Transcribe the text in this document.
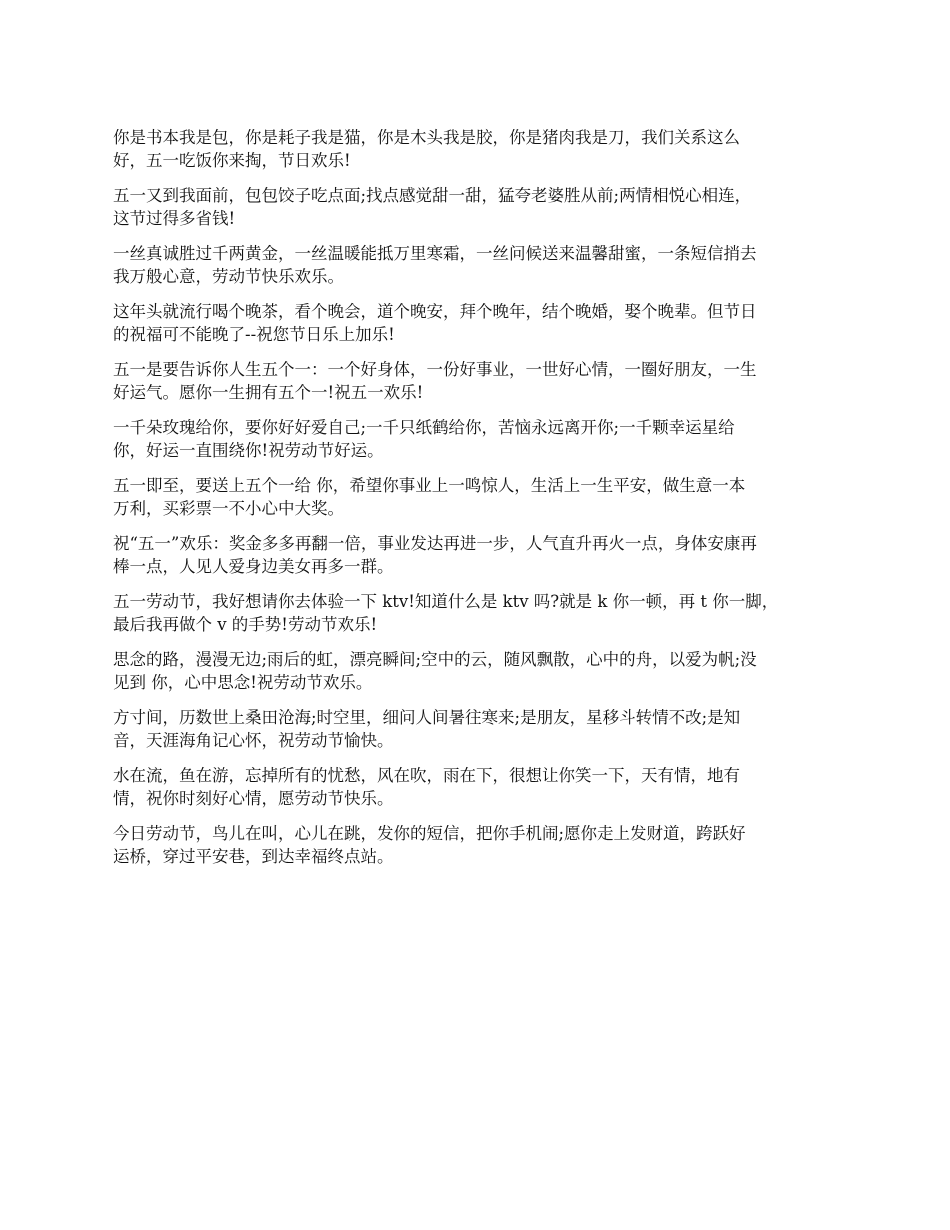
你是书本我是包，你是耗子我是猫，你是木头我是胶，你是猪肉我是刀，我们关系这么
好，五一吃饭你来掏，节日欢乐!

五一又到我面前，包包饺子吃点面;找点感觉甜一甜，猛夸老婆胜从前;两情相悦心相连，
这节过得多省钱!

一丝真诚胜过千两黄金，一丝温暖能抵万里寒霜，一丝问候送来温馨甜蜜，一条短信捎去
我万般心意，劳动节快乐欢乐。

这年头就流行喝个晚茶，看个晚会，道个晚安，拜个晚年，结个晚婚，娶个晚辈。但节日
的祝福可不能晚了--祝您节日乐上加乐!

五一是要告诉你人生五个一：一个好身体，一份好事业，一世好心情，一圈好朋友，一生
好运气。愿你一生拥有五个一!祝五一欢乐!

一千朵玫瑰给你，要你好好爱自己;一千只纸鹤给你，苦恼永远离开你;一千颗幸运星给
你，好运一直围绕你!祝劳动节好运。

五一即至，要送上五个一给 你，希望你事业上一鸣惊人，生活上一生平安，做生意一本
万利，买彩票一不小心中大奖。

祝“五一”欢乐：奖金多多再翻一倍，事业发达再进一步，人气直升再火一点，身体安康再
棒一点，人见人爱身边美女再多一群。

五一劳动节，我好想请你去体验一下 ktv!知道什么是 ktv 吗?就是 k 你一顿，再 t 你一脚，
最后我再做个 v 的手势!劳动节欢乐!

思念的路，漫漫无边;雨后的虹，漂亮瞬间;空中的云，随风飘散，心中的舟，以爱为帆;没
见到 你，心中思念!祝劳动节欢乐。

方寸间，历数世上桑田沧海;时空里，细问人间暑往寒来;是朋友，星移斗转情不改;是知
音，天涯海角记心怀，祝劳动节愉快。

水在流，鱼在游，忘掉所有的忧愁，风在吹，雨在下，很想让你笑一下，天有情，地有
情，祝你时刻好心情，愿劳动节快乐。

今日劳动节，鸟儿在叫，心儿在跳，发你的短信，把你手机闹;愿你走上发财道，跨跃好
运桥，穿过平安巷，到达幸福终点站。
